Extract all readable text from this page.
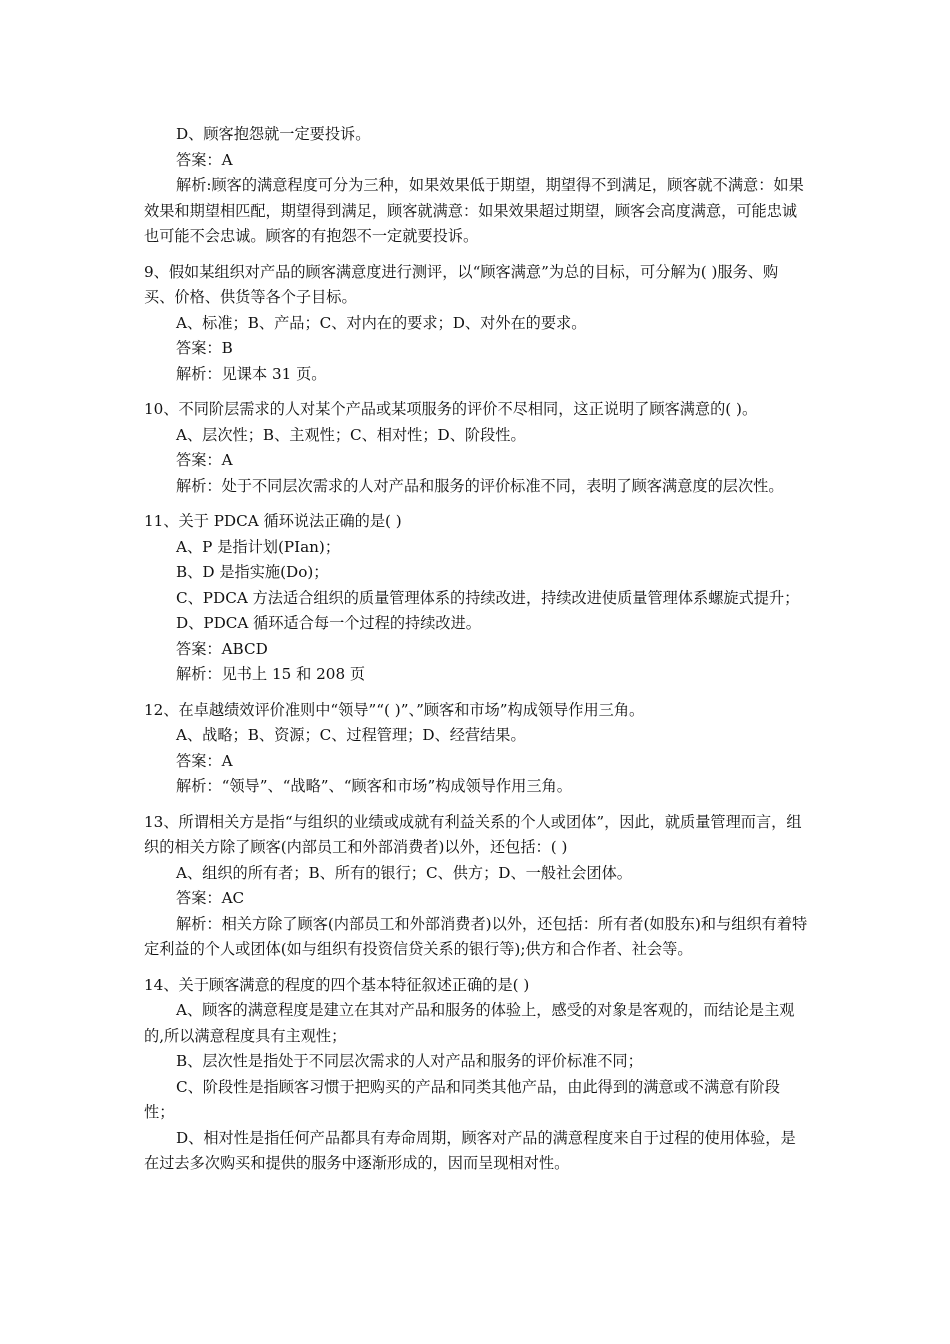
D、顾客抱怨就一定要投诉。

答案：A

解析:顾客的满意程度可分为三种，如果效果低于期望，期望得不到满足，顾客就不满意：如果效果和期望相匹配，期望得到满足，顾客就满意：如果效果超过期望，顾客会高度满意，可能忠诚也可能不会忠诚。顾客的有抱怨不一定就要投诉。

9、假如某组织对产品的顾客满意度进行测评，以“顾客满意”为总的目标，可分解为( )服务、购买、价格、供货等各个子目标。

A、标准；B、产品；C、对内在的要求；D、对外在的要求。

答案：B

解析：见课本 31 页。

10、不同阶层需求的人对某个产品或某项服务的评价不尽相同，这正说明了顾客满意的( )。

A、层次性；B、主观性；C、相对性；D、阶段性。

答案：A

解析：处于不同层次需求的人对产品和服务的评价标准不同，表明了顾客满意度的层次性。

11、关于 PDCA 循环说法正确的是( )

A、P 是指计划(PIan)；

B、D 是指实施(Do)；

C、PDCA 方法适合组织的质量管理体系的持续改进，持续改进使质量管理体系螺旋式提升；

D、PDCA 循环适合每一个过程的持续改进。

答案：ABCD

解析：见书上 15 和 208 页

12、在卓越绩效评价准则中“领导”“( )”、”顾客和市场”构成领导作用三角。

A、战略；B、资源；C、过程管理；D、经营结果。

答案：A

解析：“领导”、“战略”、“顾客和市场”构成领导作用三角。

13、所谓相关方是指“与组织的业绩或成就有利益关系的个人或团体”，因此，就质量管理而言，组织的相关方除了顾客(内部员工和外部消费者)以外，还包括：( )

A、组织的所有者；B、所有的银行；C、供方；D、一般社会团体。

答案：AC

解析：相关方除了顾客(内部员工和外部消费者)以外，还包括：所有者(如股东)和与组织有着特定利益的个人或团体(如与组织有投资信贷关系的银行等);供方和合作者、社会等。

14、关于顾客满意的程度的四个基本特征叙述正确的是( )

A、顾客的满意程度是建立在其对产品和服务的体验上，感受的对象是客观的，而结论是主观的,所以满意程度具有主观性；

B、层次性是指处于不同层次需求的人对产品和服务的评价标准不同；

C、阶段性是指顾客习惯于把购买的产品和同类其他产品，由此得到的满意或不满意有阶段性；

D、相对性是指任何产品都具有寿命周期，顾客对产品的满意程度来自于过程的使用体验，是在过去多次购买和提供的服务中逐渐形成的，因而呈现相对性。
